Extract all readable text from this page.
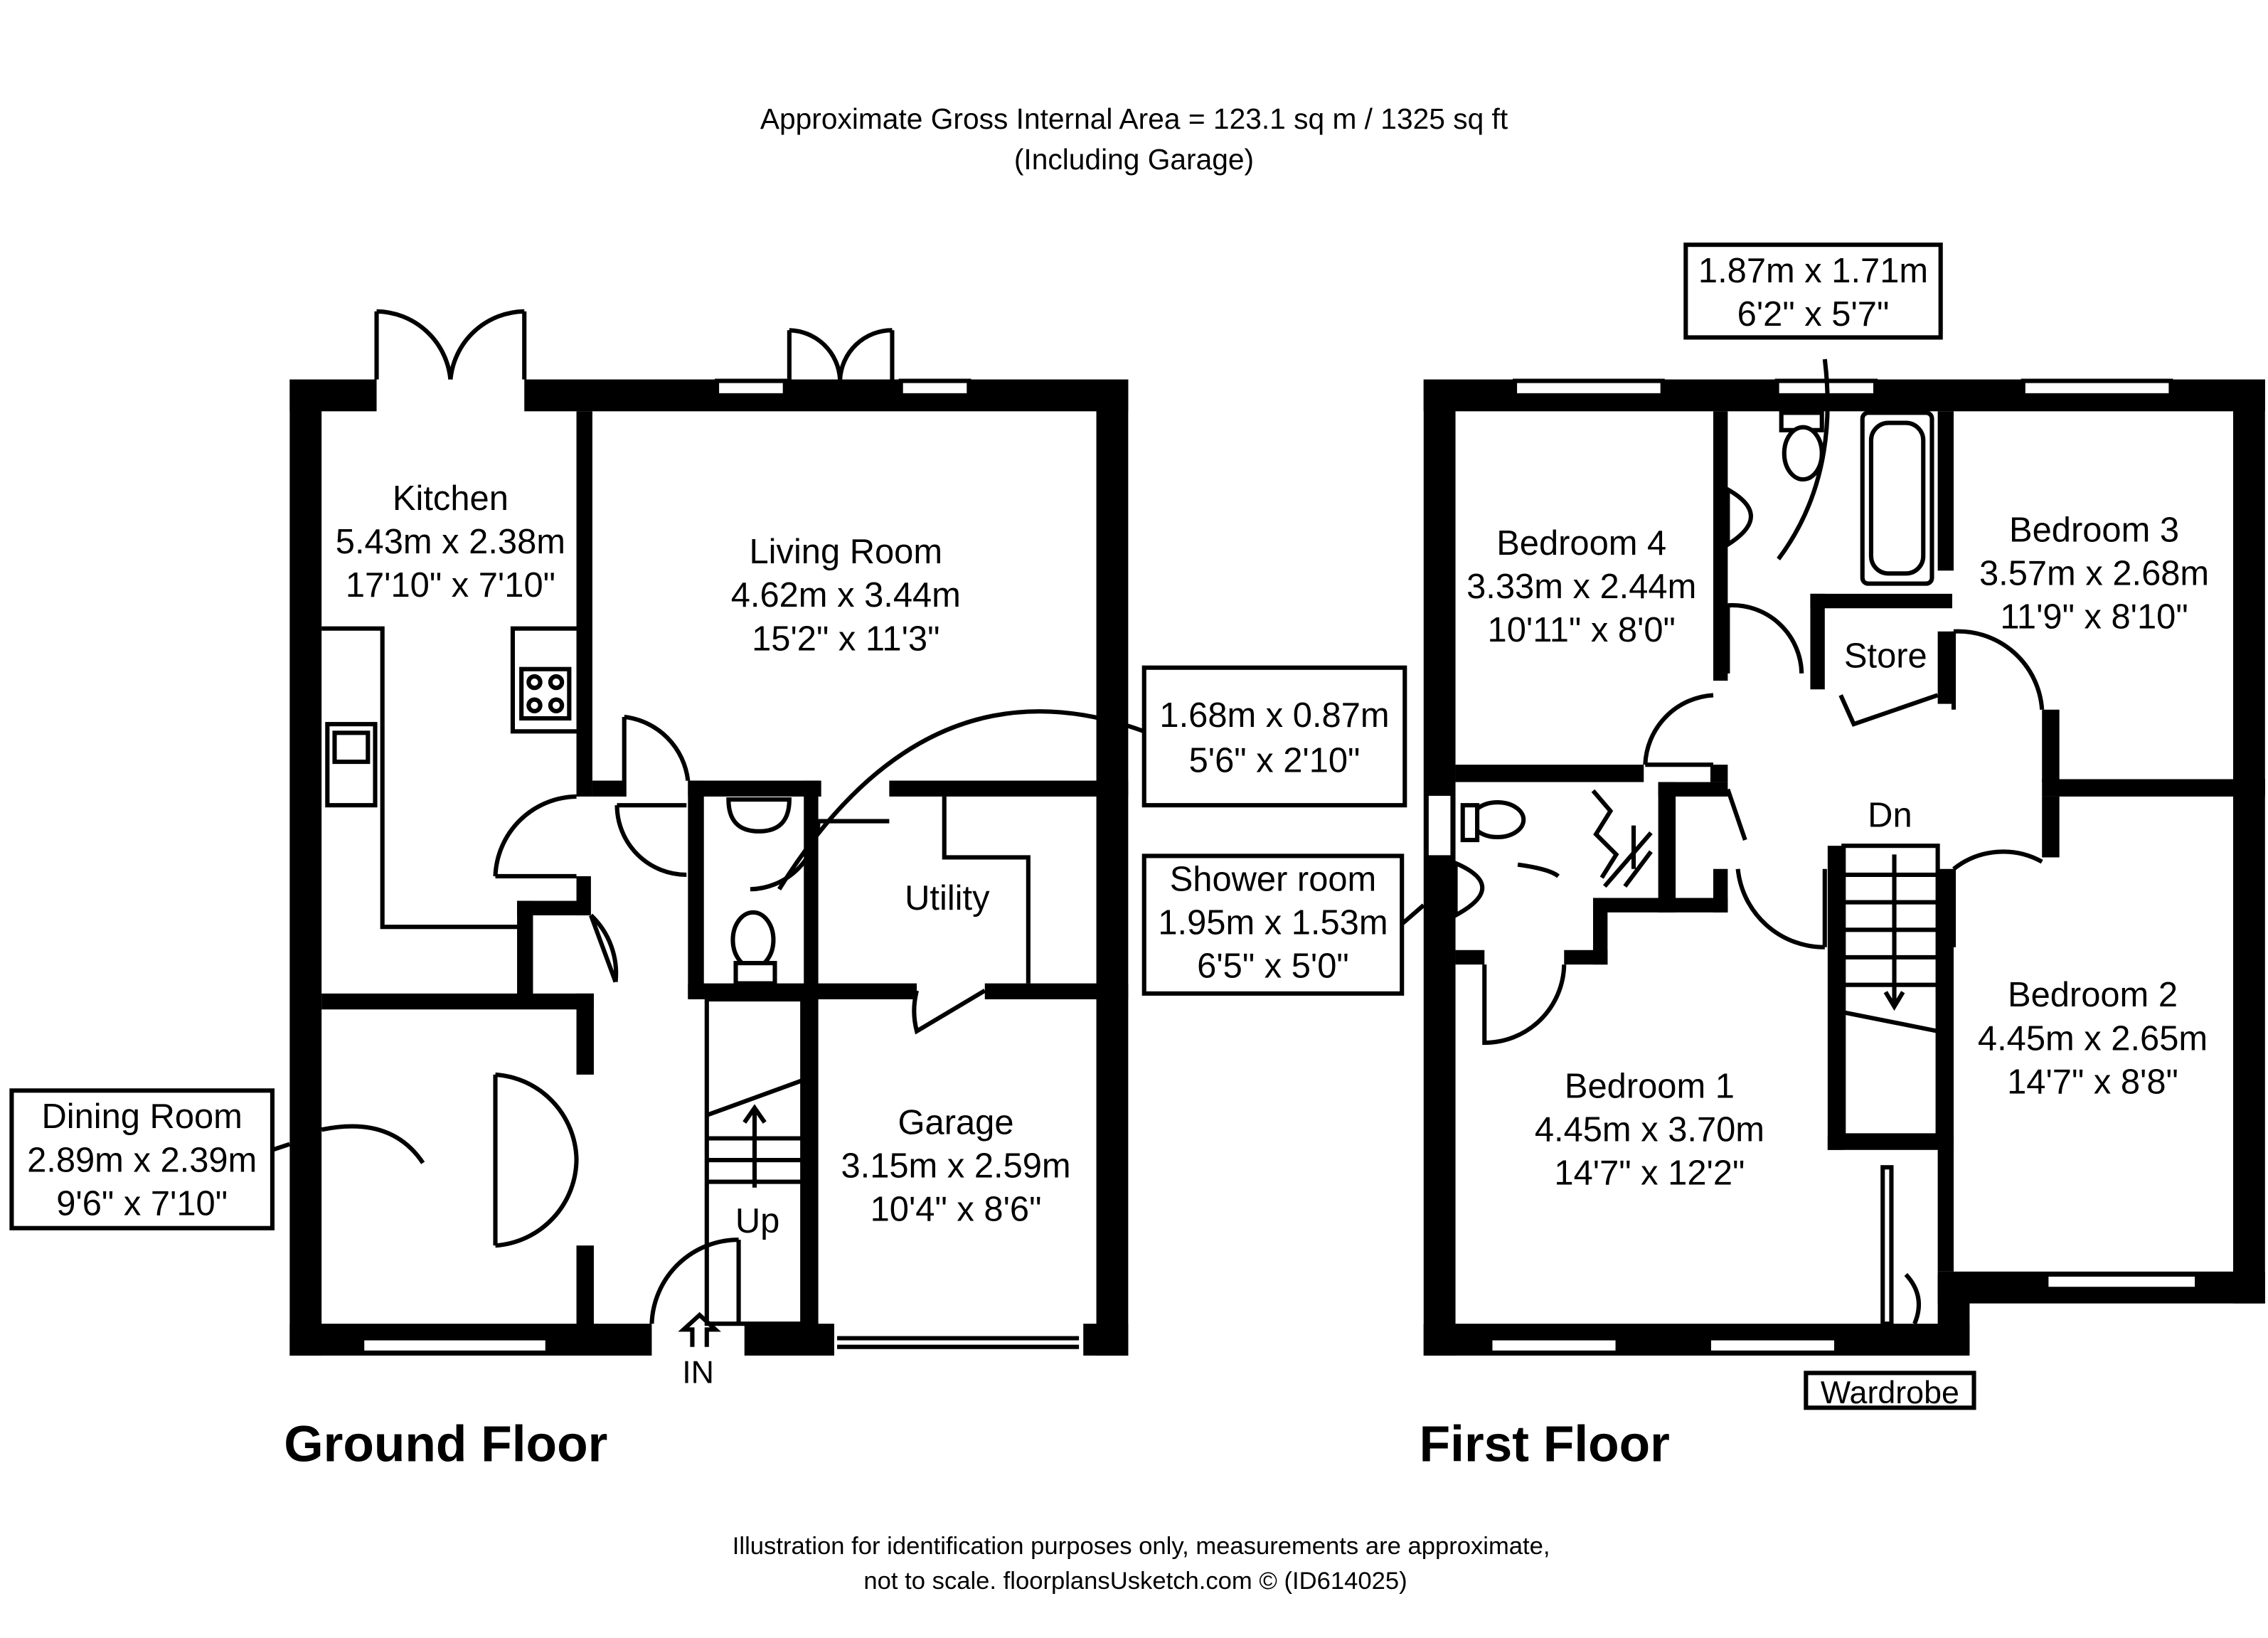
Approximate Gross Internal Area = 123.1 sq m / 1325 sq ft
(Including Garage)
Kitchen
5.43m x 2.38m
17'10" x 7'10"
Living Room
4.62m x 3.44m
15'2" x 11'3"
1.68m x 0.87m
5'6" x 2'10"
Utility
Garage
3.15m x 2.59m
10'4" x 8'6"
Dining Room
2.89m x 2.39m
9'6" x 7'10"	Up
IN
Ground Floor
1.87m x 1.71m
6'2" x 5'7"
Bedroom 4
3.33m x 2.44m
10'11" x 8'0"
Bedroom 3
3.57m x 2.68m
11'9" x 8'10"
Store
Shower room
1.95m x 1.53m
6'5" x 5'0"
Bedroom 1
4.45m x 3.70m
14'7" x 12'2"
Bedroom 2
4.45m x 2.65m
14'7" x 8'8"
Dn
Wardrobe
First Floor
Illustration for identification purposes only, measurements are approximate,
not to scale. floorplansUsketch.com © (ID614025)
